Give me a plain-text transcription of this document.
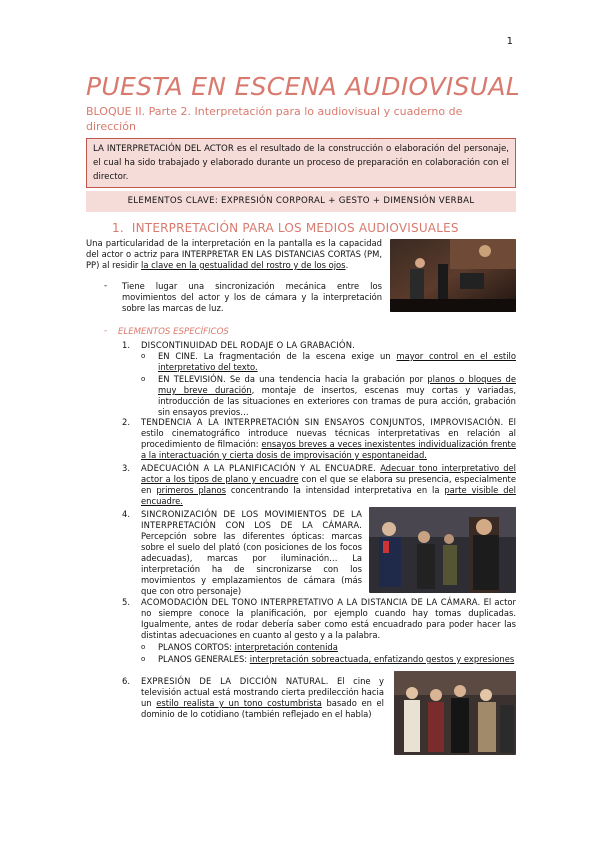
1
PUESTA EN ESCENA AUDIOVISUAL
BLOQUE II. Parte 2. Interpretación para lo audiovisual y cuaderno de dirección
LA INTERPRETACIÓN DEL ACTOR es el resultado de la construcción o elaboración del personaje, el cual ha sido trabajado y elaborado durante un proceso de preparación en colaboración con el director.
ELEMENTOS CLAVE: EXPRESIÓN CORPORAL + GESTO + DIMENSIÓN VERBAL
1. INTERPRETACIÓN PARA LOS MEDIOS AUDIOVISUALES
Una particularidad de la interpretación en la pantalla es la capacidad del actor o actriz para INTERPRETAR EN LAS DISTANCIAS CORTAS (PM, PP) al residir la clave en la gestualidad del rostro y de los ojos.
- Tiene lugar una sincronización mecánica entre los movimientos del actor y los de cámara y la interpretación sobre las marcas de luz.
- ELEMENTOS ESPECÍFICOS
1. DISCONTINUIDAD DEL RODAJE O LA GRABACIÓN.
o EN CINE. La fragmentación de la escena exige un mayor control en el estilo interpretativo del texto.
o EN TELEVISIÓN. Se da una tendencia hacia la grabación por planos o bloques de muy breve duración, montaje de insertos, escenas muy cortas y variadas, introducción de las situaciones en exteriores con tramas de pura acción, grabación sin ensayos previos…
2. TENDENCIA A LA INTERPRETACIÓN SIN ENSAYOS CONJUNTOS, IMPROVISACIÓN. El estilo cinematográfico introduce nuevas técnicas interpretativas en relación al procedimiento de filmación: ensayos breves a veces inexistentes individualización frente a la interactuación y cierta dosis de improvisación y espontaneidad.
3. ADECUACIÓN A LA PLANIFICACIÓN Y AL ENCUADRE. Adecuar tono interpretativo del actor a los tipos de plano y encuadre con el que se elabora su presencia, especialmente en primeros planos concentrando la intensidad interpretativa en la parte visible del encuadre.
4. SINCRONIZACIÓN DE LOS MOVIMIENTOS DE LA INTERPRETACIÓN CON LOS DE LA CÁMARA. Percepción sobre las diferentes ópticas: marcas sobre el suelo del plató (con posiciones de los focos adecuadas), marcas por iluminación… La interpretación ha de sincronizarse con los movimientos y emplazamientos de cámara (más que con otro personaje)
5. ACOMODACIÓN DEL TONO INTERPRETATIVO A LA DISTANCIA DE LA CÁMARA. El actor no siempre conoce la planificación, por ejemplo cuando hay tomas duplicadas. Igualmente, antes de rodar debería saber como está encuadrado para poder hacer las distintas adecuaciones en cuanto al gesto y a la palabra.
o PLANOS CORTOS: interpretación contenida
o PLANOS GENERALES: interpretación sobreactuada, enfatizando gestos y expresiones
6. EXPRESIÓN DE LA DICCIÓN NATURAL. El cine y televisión actual está mostrando cierta predilección hacia un estilo realista y un tono costumbrista basado en el dominio de lo cotidiano (también reflejado en el habla)
